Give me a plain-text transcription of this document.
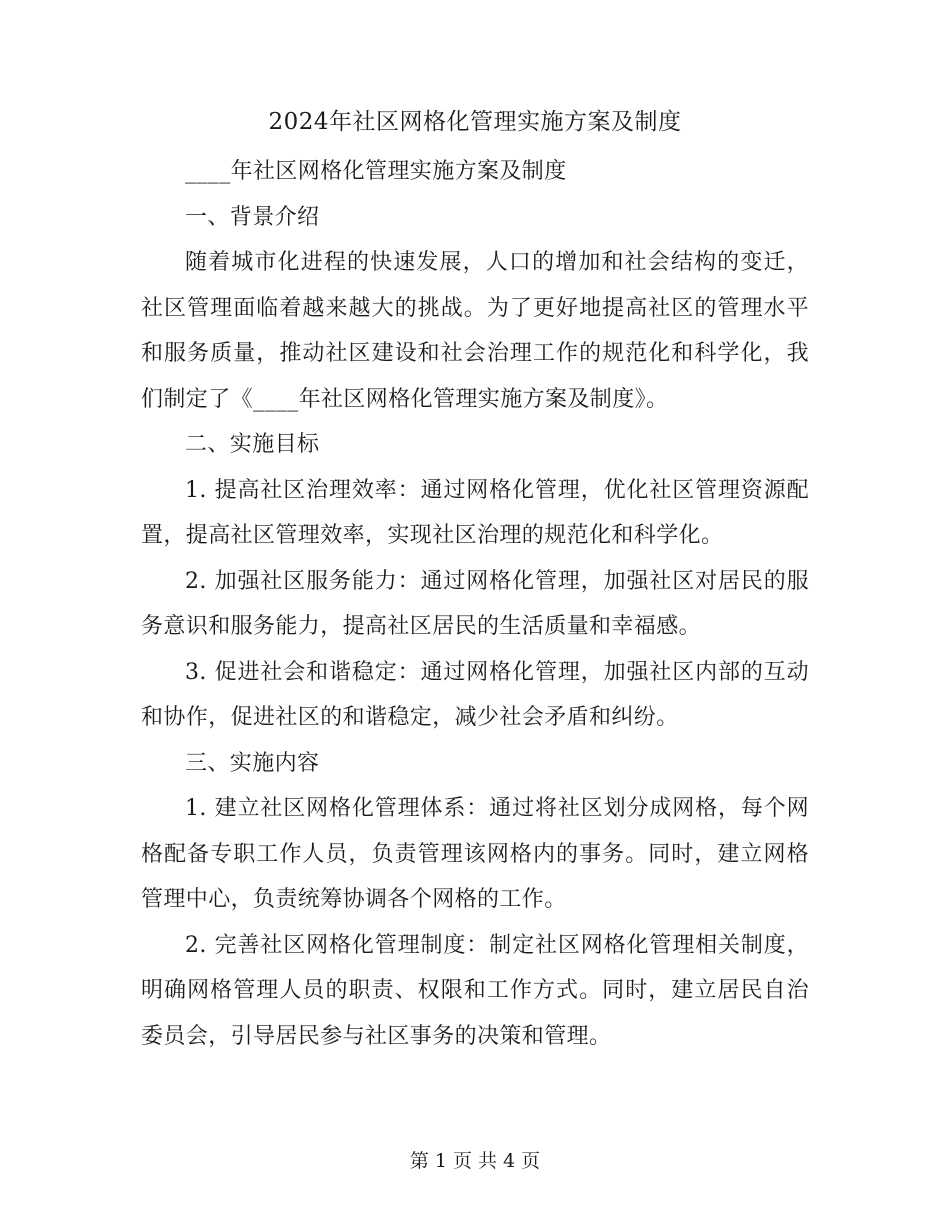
2024年社区网格化管理实施方案及制度

____年社区网格化管理实施方案及制度

一、背景介绍

随着城市化进程的快速发展，人口的增加和社会结构的变迁，社区管理面临着越来越大的挑战。为了更好地提高社区的管理水平和服务质量，推动社区建设和社会治理工作的规范化和科学化，我们制定了《____年社区网格化管理实施方案及制度》。

二、实施目标

1. 提高社区治理效率：通过网格化管理，优化社区管理资源配置，提高社区管理效率，实现社区治理的规范化和科学化。

2. 加强社区服务能力：通过网格化管理，加强社区对居民的服务意识和服务能力，提高社区居民的生活质量和幸福感。

3. 促进社会和谐稳定：通过网格化管理，加强社区内部的互动和协作，促进社区的和谐稳定，减少社会矛盾和纠纷。

三、实施内容

1. 建立社区网格化管理体系：通过将社区划分成网格，每个网格配备专职工作人员，负责管理该网格内的事务。同时，建立网格管理中心，负责统筹协调各个网格的工作。

2. 完善社区网格化管理制度：制定社区网格化管理相关制度，明确网格管理人员的职责、权限和工作方式。同时，建立居民自治委员会，引导居民参与社区事务的决策和管理。

第 1 页 共 4 页
